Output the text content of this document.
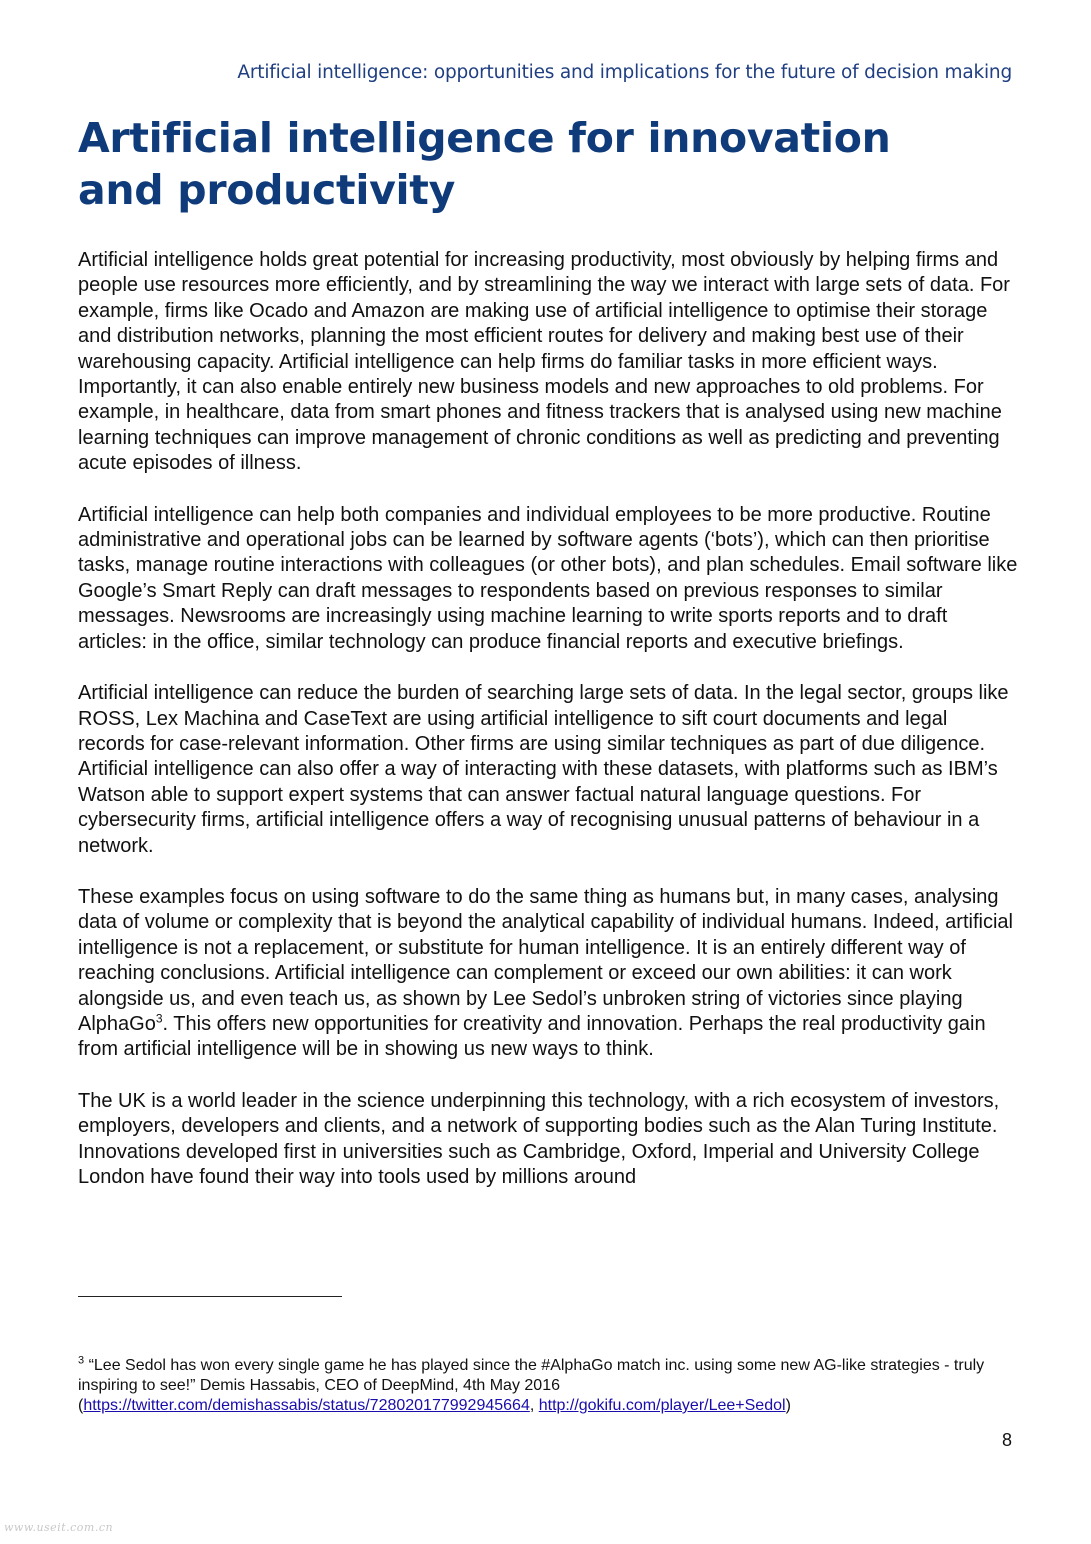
Artificial intelligence: opportunities and implications for the future of decision making
Artificial intelligence for innovation and productivity

Artificial intelligence holds great potential for increasing productivity, most obviously by helping firms and people use resources more efficiently, and by streamlining the way we interact with large sets of data. For example, firms like Ocado and Amazon are making use of artificial intelligence to optimise their storage and distribution networks, planning the most efficient routes for delivery and making best use of their warehousing capacity. Artificial intelligence can help firms do familiar tasks in more efficient ways. Importantly, it can also enable entirely new business models and new approaches to old problems. For example, in healthcare, data from smart phones and fitness trackers that is analysed using new machine learning techniques can improve management of chronic conditions as well as predicting and preventing acute episodes of illness.

Artificial intelligence can help both companies and individual employees to be more productive. Routine administrative and operational jobs can be learned by software agents (‘bots’), which can then prioritise tasks, manage routine interactions with colleagues (or other bots), and plan schedules. Email software like Google’s Smart Reply can draft messages to respondents based on previous responses to similar messages. Newsrooms are increasingly using machine learning to write sports reports and to draft articles: in the office, similar technology can produce financial reports and executive briefings.

Artificial intelligence can reduce the burden of searching large sets of data. In the legal sector, groups like ROSS, Lex Machina and CaseText are using artificial intelligence to sift court documents and legal records for case-relevant information. Other firms are using similar techniques as part of due diligence. Artificial intelligence can also offer a way of interacting with these datasets, with platforms such as IBM’s Watson able to support expert systems that can answer factual natural language questions. For cybersecurity firms, artificial intelligence offers a way of recognising unusual patterns of behaviour in a network.

These examples focus on using software to do the same thing as humans but, in many cases, analysing data of volume or complexity that is beyond the analytical capability of individual humans. Indeed, artificial intelligence is not a replacement, or substitute for human intelligence. It is an entirely different way of reaching conclusions. Artificial intelligence can complement or exceed our own abilities: it can work alongside us, and even teach us, as shown by Lee Sedol’s unbroken string of victories since playing AlphaGo$^3$. This offers new opportunities for creativity and innovation. Perhaps the real productivity gain from artificial intelligence will be in showing us new ways to think.

The UK is a world leader in the science underpinning this technology, with a rich ecosystem of investors, employers, developers and clients, and a network of supporting bodies such as the Alan Turing Institute. Innovations developed first in universities such as Cambridge, Oxford, Imperial and University College London have found their way into tools used by millions around

$^3$ “Lee Sedol has won every single game he has played since the #AlphaGo match inc. using some new AG-like strategies - truly inspiring to see!” Demis Hassabis, CEO of DeepMind, 4th May 2016 (https://twitter.com/demishassabis/status/728020177992945664, http://gokifu.com/player/Lee+Sedol)
8
www.useit.com.cn
